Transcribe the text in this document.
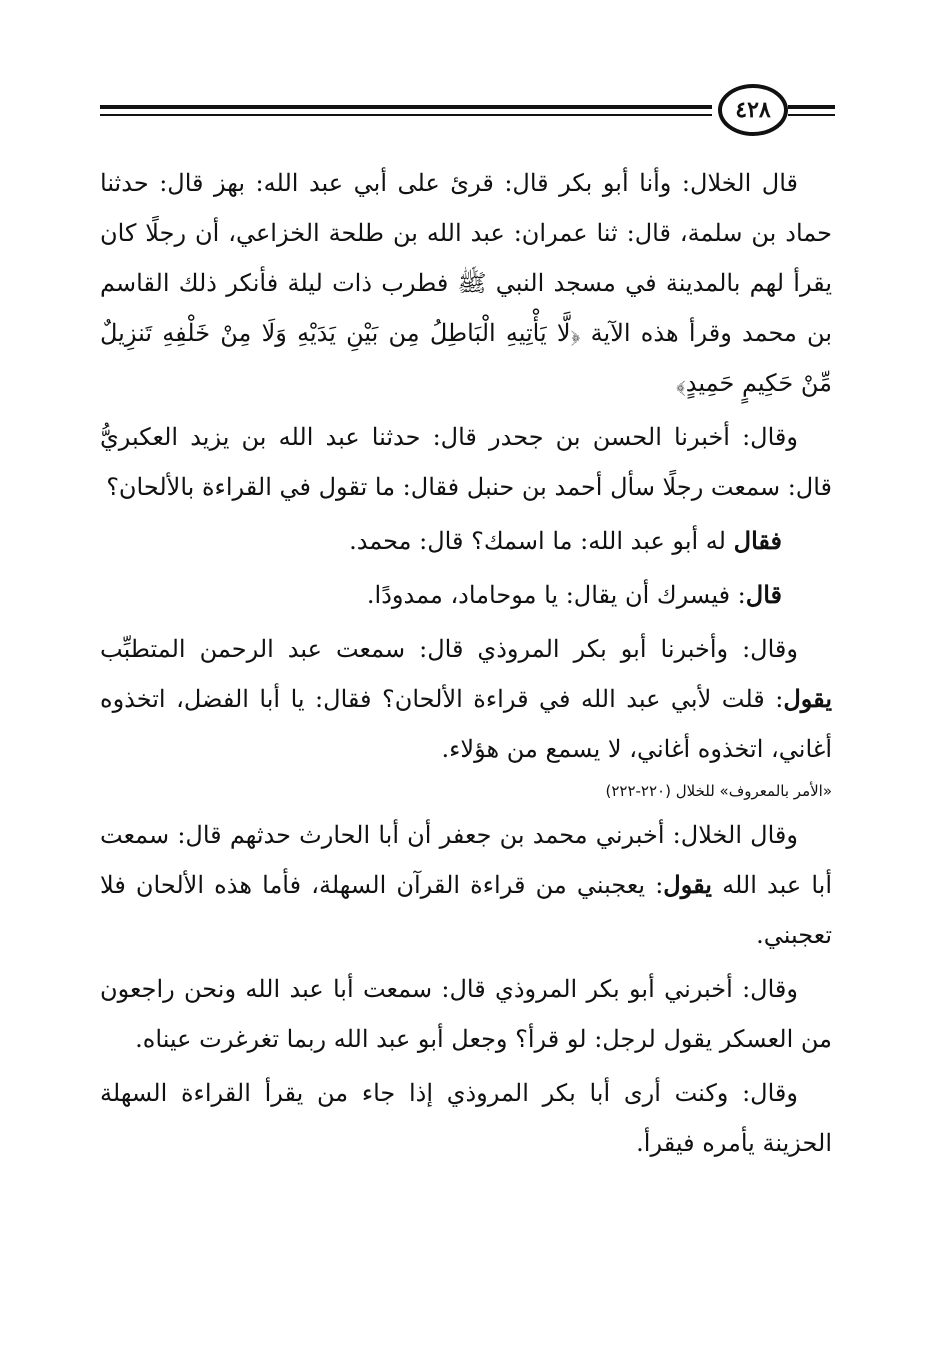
٤٢٨

قال الخلال: وأنا أبو بكر قال: قرئ على أبي عبد الله: بهز قال: حدثنا حماد بن سلمة، قال: ثنا عمران: عبد الله بن طلحة الخزاعي، أن رجلًا كان يقرأ لهم بالمدينة في مسجد النبي ﷺ فطرب ذات ليلة فأنكر ذلك القاسم بن محمد وقرأ هذه الآية ﴿لَّا يَأْتِيهِ الْبَاطِلُ مِن بَيْنِ يَدَيْهِ وَلَا مِنْ خَلْفِهِ تَنزِيلٌ مِّنْ حَكِيمٍ حَمِيدٍ﴾

وقال: أخبرنا الحسن بن جحدر قال: حدثنا عبد الله بن يزيد العكبريُّ قال: سمعت رجلًا سأل أحمد بن حنبل فقال: ما تقول في القراءة بالألحان؟

فقال له أبو عبد الله: ما اسمك؟ قال: محمد.

قال: فيسرك أن يقال: يا موحاماد، ممدودًا.

وقال: وأخبرنا أبو بكر المروذي قال: سمعت عبد الرحمن المتطبِّب يقول: قلت لأبي عبد الله في قراءة الألحان؟ فقال: يا أبا الفضل، اتخذوه أغاني، اتخذوه أغاني، لا يسمع من هؤلاء.

«الأمر بالمعروف» للخلال (٢٢٠-٢٢٢)

وقال الخلال: أخبرني محمد بن جعفر أن أبا الحارث حدثهم قال: سمعت أبا عبد الله يقول: يعجبني من قراءة القرآن السهلة، فأما هذه الألحان فلا تعجبني.

وقال: أخبرني أبو بكر المروذي قال: سمعت أبا عبد الله ونحن راجعون من العسكر يقول لرجل: لو قرأ؟ وجعل أبو عبد الله ربما تغرغرت عيناه.

وقال: وكنت أرى أبا بكر المروذي إذا جاء من يقرأ القراءة السهلة الحزينة يأمره فيقرأ.
